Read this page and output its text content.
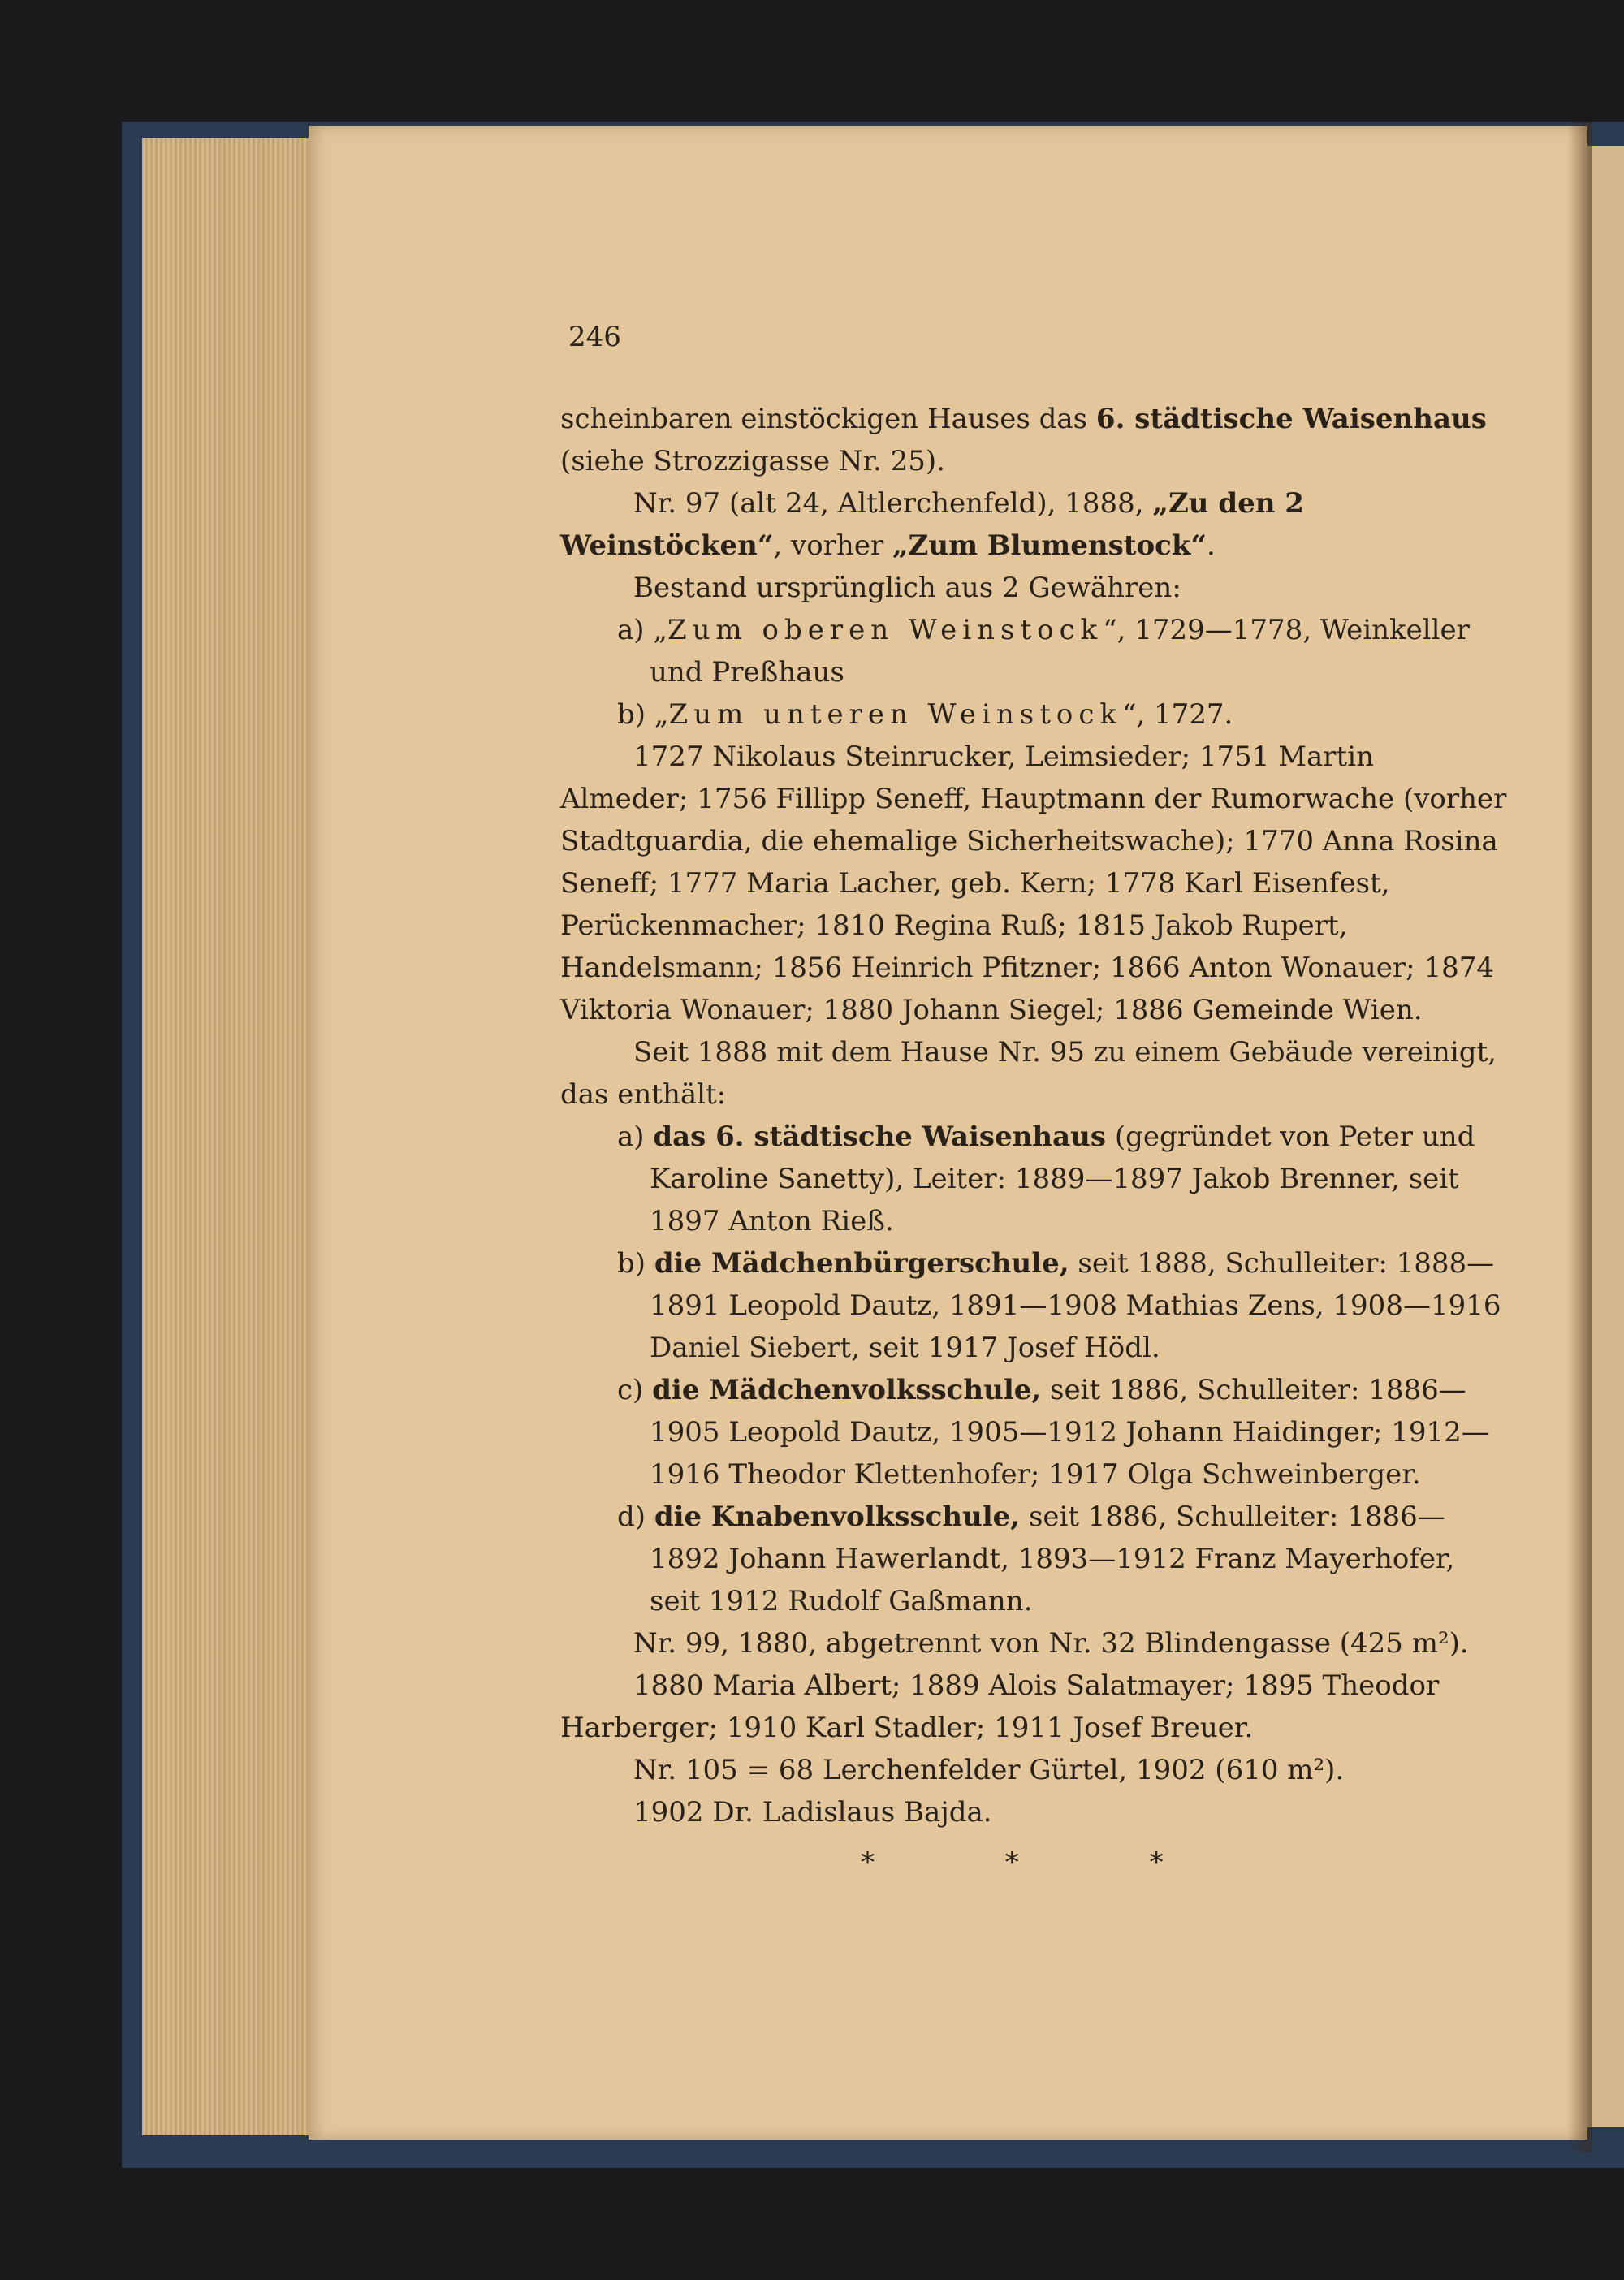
246

scheinbaren einstöckigen Hauses das 6. städtische Waisenhaus (siehe Strozzigasse Nr. 25).

Nr. 97 (alt 24, Altlerchenfeld), 1888, „Zu den 2 Weinstöcken“, vorher „Zum Blumenstock“.

Bestand ursprünglich aus 2 Gewähren:

a) „Zum oberen Weinstock“, 1729—1778, Weinkeller und Preßhaus

b) „Zum unteren Weinstock“, 1727.

1727 Nikolaus Steinrucker, Leimsieder; 1751 Martin Almeder; 1756 Fillipp Seneff, Hauptmann der Rumorwache (vorher Stadtguardia, die ehemalige Sicherheitswache); 1770 Anna Rosina Seneff; 1777 Maria Lacher, geb. Kern; 1778 Karl Eisenfest, Perückenmacher; 1810 Regina Ruß; 1815 Jakob Rupert, Handelsmann; 1856 Heinrich Pfitzner; 1866 Anton Wonauer; 1874 Viktoria Wonauer; 1880 Johann Siegel; 1886 Gemeinde Wien.

Seit 1888 mit dem Hause Nr. 95 zu einem Gebäude vereinigt, das enthält:

a) das 6. städtische Waisenhaus (gegründet von Peter und Karoline Sanetty), Leiter: 1889—1897 Jakob Brenner, seit 1897 Anton Rieß.

b) die Mädchenbürgerschule, seit 1888, Schulleiter: 1888—1891 Leopold Dautz, 1891—1908 Mathias Zens, 1908—1916 Daniel Siebert, seit 1917 Josef Hödl.

c) die Mädchenvolksschule, seit 1886, Schulleiter: 1886—1905 Leopold Dautz, 1905—1912 Johann Haidinger; 1912—1916 Theodor Klettenhofer; 1917 Olga Schweinberger.

d) die Knabenvolksschule, seit 1886, Schulleiter: 1886—1892 Johann Hawerlandt, 1893—1912 Franz Mayerhofer, seit 1912 Rudolf Gaßmann.

Nr. 99, 1880, abgetrennt von Nr. 32 Blindengasse (425 m²).

1880 Maria Albert; 1889 Alois Salatmayer; 1895 Theodor Harberger; 1910 Karl Stadler; 1911 Josef Breuer.

Nr. 105 = 68 Lerchenfelder Gürtel, 1902 (610 m²).

1902 Dr. Ladislaus Bajda.

* * *
